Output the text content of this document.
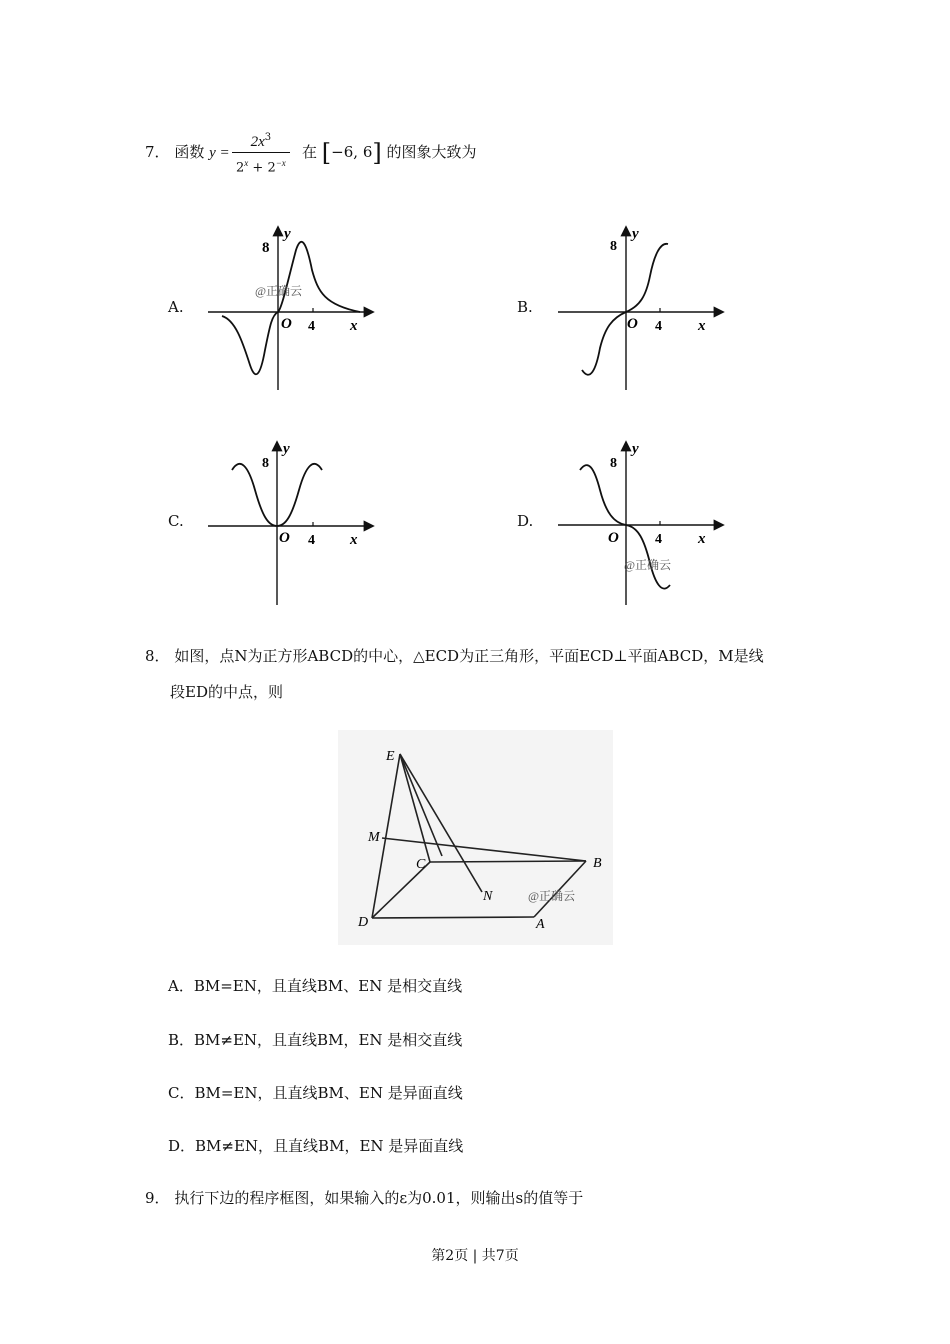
7． 函数 $y = \frac{2x^3}{2^x + 2^{-x}}$ 在 [−6, 6] 的图象大致为
A.	B.
C.	D.
8
y
O 4 x
@正确云
8
y
O 4 x
8
y
O 4 x
8
y
O	4 x
@正确云
8． 如图，点N为正方形ABCD的中心，△ECD为正三角形，平面ECD⊥平面ABCD，M是线
段ED的中点，则
E
M
C	B
N
D	A
@正确云
A．BM=EN，且直线BM、EN 是相交直线
B．BM≠EN，且直线BM，EN 是相交直线
C．BM=EN，且直线BM、EN 是异面直线
D．BM≠EN，且直线BM，EN 是异面直线
9． 执行下边的程序框图，如果输入的ε为0.01，则输出s的值等于
第2页 | 共7页
